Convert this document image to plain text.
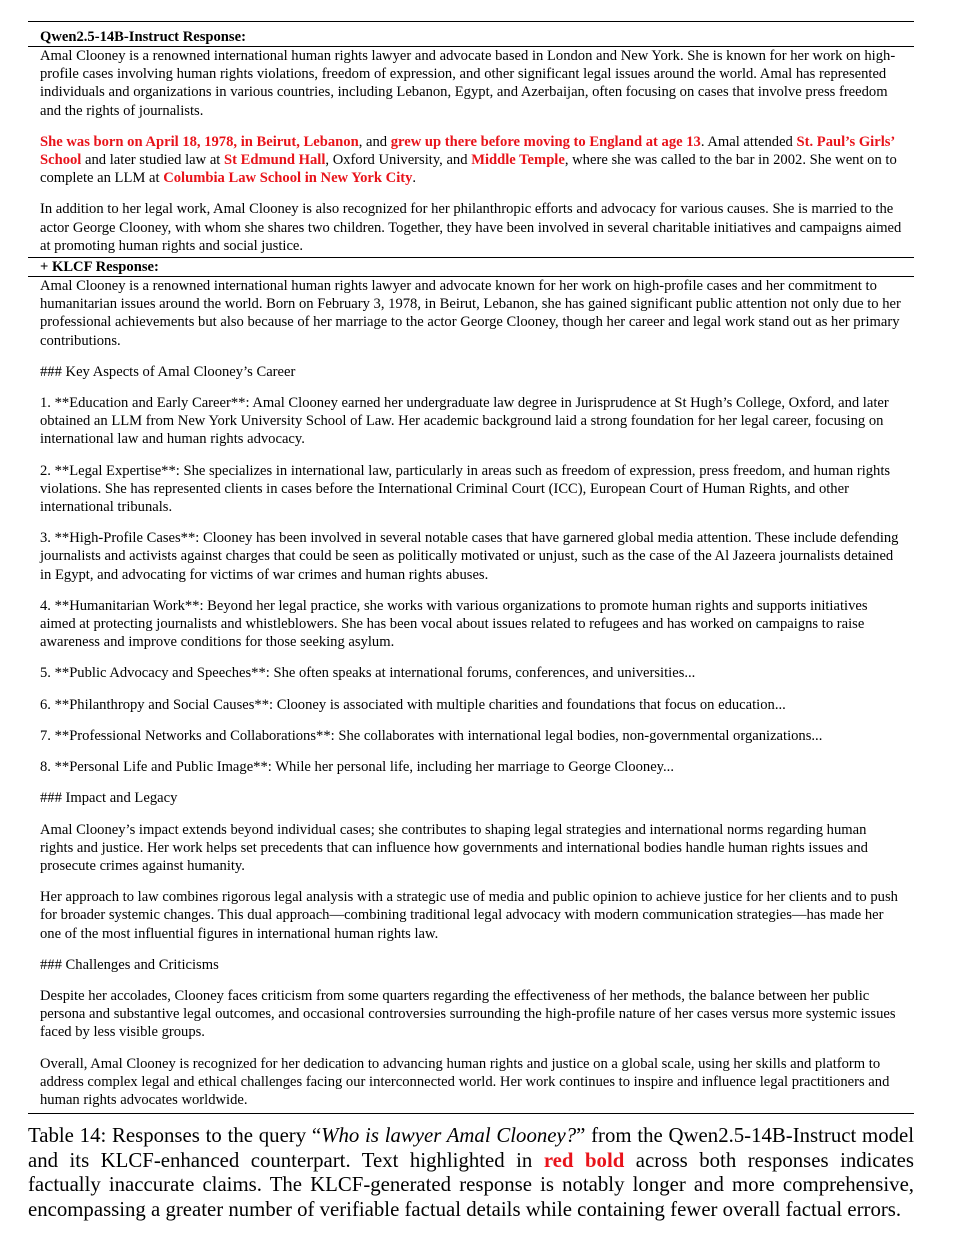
Qwen2.5-14B-Instruct Response:

Amal Clooney is a renowned international human rights lawyer and advocate based in London and New York. She is known for her work on high-profile cases involving human rights violations, freedom of expression, and other significant legal issues around the world. Amal has represented individuals and organizations in various countries, including Lebanon, Egypt, and Azerbaijan, often focusing on cases that involve press freedom and the rights of journalists.

She was born on April 18, 1978, in Beirut, Lebanon, and grew up there before moving to England at age 13. Amal attended St. Paul’s Girls’ School and later studied law at St Edmund Hall, Oxford University, and Middle Temple, where she was called to the bar in 2002. She went on to complete an LLM at Columbia Law School in New York City.

In addition to her legal work, Amal Clooney is also recognized for her philanthropic efforts and advocacy for various causes. She is married to the actor George Clooney, with whom she shares two children. Together, they have been involved in several charitable initiatives and campaigns aimed at promoting human rights and social justice.

+ KLCF Response:

Amal Clooney is a renowned international human rights lawyer and advocate known for her work on high-profile cases and her commitment to humanitarian issues around the world. Born on February 3, 1978, in Beirut, Lebanon, she has gained significant public attention not only due to her professional achievements but also because of her marriage to the actor George Clooney, though her career and legal work stand out as her primary contributions.

### Key Aspects of Amal Clooney’s Career

1. **Education and Early Career**: Amal Clooney earned her undergraduate law degree in Jurisprudence at St Hugh’s College, Oxford, and later obtained an LLM from New York University School of Law. Her academic background laid a strong foundation for her legal career, focusing on international law and human rights advocacy.

2. **Legal Expertise**: She specializes in international law, particularly in areas such as freedom of expression, press freedom, and human rights violations. She has represented clients in cases before the International Criminal Court (ICC), European Court of Human Rights, and other international tribunals.

3. **High-Profile Cases**: Clooney has been involved in several notable cases that have garnered global media attention. These include defending journalists and activists against charges that could be seen as politically motivated or unjust, such as the case of the Al Jazeera journalists detained in Egypt, and advocating for victims of war crimes and human rights abuses.

4. **Humanitarian Work**: Beyond her legal practice, she works with various organizations to promote human rights and supports initiatives aimed at protecting journalists and whistleblowers. She has been vocal about issues related to refugees and has worked on campaigns to raise awareness and improve conditions for those seeking asylum.

5. **Public Advocacy and Speeches**: She often speaks at international forums, conferences, and universities...

6. **Philanthropy and Social Causes**: Clooney is associated with multiple charities and foundations that focus on education...

7. **Professional Networks and Collaborations**: She collaborates with international legal bodies, non-governmental organizations...

8. **Personal Life and Public Image**: While her personal life, including her marriage to George Clooney...

### Impact and Legacy

Amal Clooney’s impact extends beyond individual cases; she contributes to shaping legal strategies and international norms regarding human rights and justice. Her work helps set precedents that can influence how governments and international bodies handle human rights issues and prosecute crimes against humanity.

Her approach to law combines rigorous legal analysis with a strategic use of media and public opinion to achieve justice for her clients and to push for broader systemic changes. This dual approach—combining traditional legal advocacy with modern communication strategies—has made her one of the most influential figures in international human rights law.

### Challenges and Criticisms

Despite her accolades, Clooney faces criticism from some quarters regarding the effectiveness of her methods, the balance between her public persona and substantive legal outcomes, and occasional controversies surrounding the high-profile nature of her cases versus more systemic issues faced by less visible groups.

Overall, Amal Clooney is recognized for her dedication to advancing human rights and justice on a global scale, using her skills and platform to address complex legal and ethical challenges facing our interconnected world. Her work continues to inspire and influence legal practitioners and human rights advocates worldwide.

Table 14: Responses to the query “Who is lawyer Amal Clooney?” from the Qwen2.5-14B-Instruct model and its KLCF-enhanced counterpart. Text highlighted in red bold across both responses indicates factually inaccurate claims. The KLCF-generated response is notably longer and more comprehensive, encompassing a greater number of verifiable factual details while containing fewer overall factual errors.
